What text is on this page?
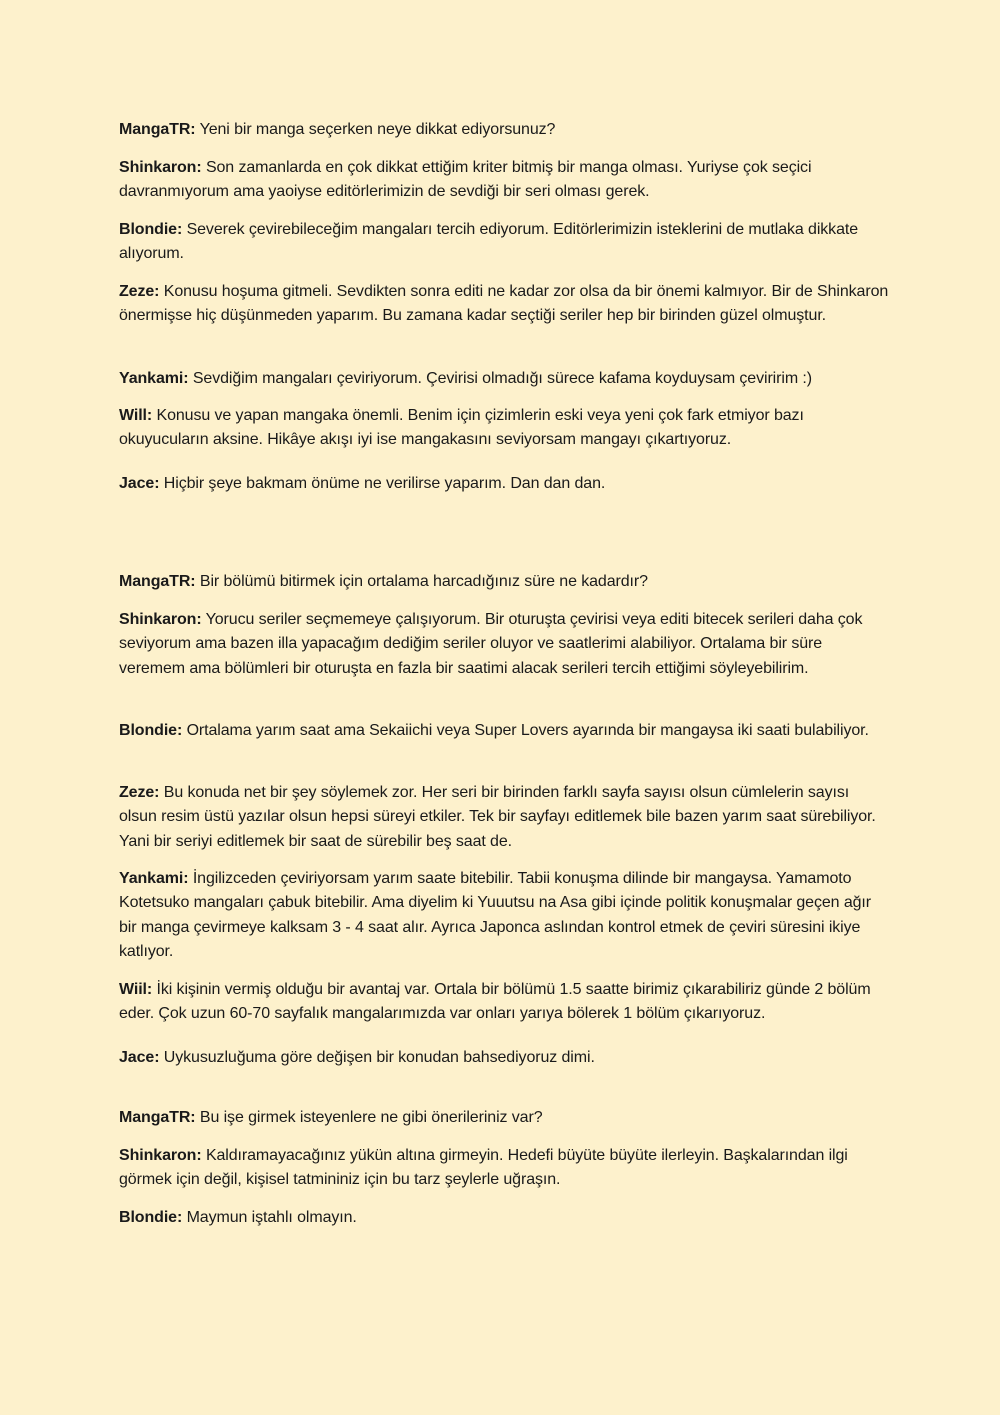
MangaTR: Yeni bir manga seçerken neye dikkat ediyorsunuz?

Shinkaron: Son zamanlarda en çok dikkat ettiğim kriter bitmiş bir manga olması. Yuriyse çok seçici davranmıyorum ama yaoiyse editörlerimizin de sevdiği bir seri olması gerek.

Blondie: Severek çevirebileceğim mangaları tercih ediyorum. Editörlerimizin isteklerini de mutlaka dikkate alıyorum.

Zeze: Konusu hoşuma gitmeli. Sevdikten sonra editi ne kadar zor olsa da bir önemi kalmıyor. Bir de Shinkaron önermişse hiç düşünmeden yaparım. Bu zamana kadar seçtiği seriler hep bir birinden güzel olmuştur.

Yankami: Sevdiğim mangaları çeviriyorum. Çevirisi olmadığı sürece kafama koyduysam çeviririm :)

Will: Konusu ve yapan mangaka önemli. Benim için çizimlerin eski veya yeni çok fark etmiyor bazı okuyucuların aksine. Hikâye akışı iyi ise mangakasını seviyorsam mangayı çıkartıyoruz.

Jace: Hiçbir şeye bakmam önüme ne verilirse yaparım. Dan dan dan.

MangaTR: Bir bölümü bitirmek için ortalama harcadığınız süre ne kadardır?

Shinkaron: Yorucu seriler seçmemeye çalışıyorum. Bir oturuşta çevirisi veya editi bitecek serileri daha çok seviyorum ama bazen illa yapacağım dediğim seriler oluyor ve saatlerimi alabiliyor. Ortalama bir süre veremem ama bölümleri bir oturuşta en fazla bir saatimi alacak serileri tercih ettiğimi söyleyebilirim.

Blondie: Ortalama yarım saat ama Sekaiichi veya Super Lovers ayarında bir mangaysa iki saati bulabiliyor.

Zeze: Bu konuda net bir şey söylemek zor. Her seri bir birinden farklı sayfa sayısı olsun cümlelerin sayısı olsun resim üstü yazılar olsun hepsi süreyi etkiler. Tek bir sayfayı editlemek bile bazen yarım saat sürebiliyor. Yani bir seriyi editlemek bir saat de sürebilir beş saat de.

Yankami: İngilizceden çeviriyorsam yarım saate bitebilir. Tabii konuşma dilinde bir mangaysa. Yamamoto Kotetsuko mangaları çabuk bitebilir. Ama diyelim ki Yuuutsu na Asa gibi içinde politik konuşmalar geçen ağır bir manga çevirmeye kalksam 3 - 4 saat alır. Ayrıca Japonca aslından kontrol etmek de çeviri süresini ikiye katlıyor.

Wiil: İki kişinin vermiş olduğu bir avantaj var. Ortala bir bölümü 1.5 saatte birimiz çıkarabiliriz günde 2 bölüm eder. Çok uzun 60-70 sayfalık mangalarımızda var onları yarıya bölerek 1 bölüm çıkarıyoruz.

Jace: Uykusuzluğuma göre değişen bir konudan bahsediyoruz dimi.

MangaTR: Bu işe girmek isteyenlere ne gibi önerileriniz var?

Shinkaron: Kaldıramayacağınız yükün altına girmeyin. Hedefi büyüte büyüte ilerleyin. Başkalarından ilgi görmek için değil, kişisel tatmininiz için bu tarz şeylerle uğraşın.

Blondie: Maymun iştahlı olmayın.
